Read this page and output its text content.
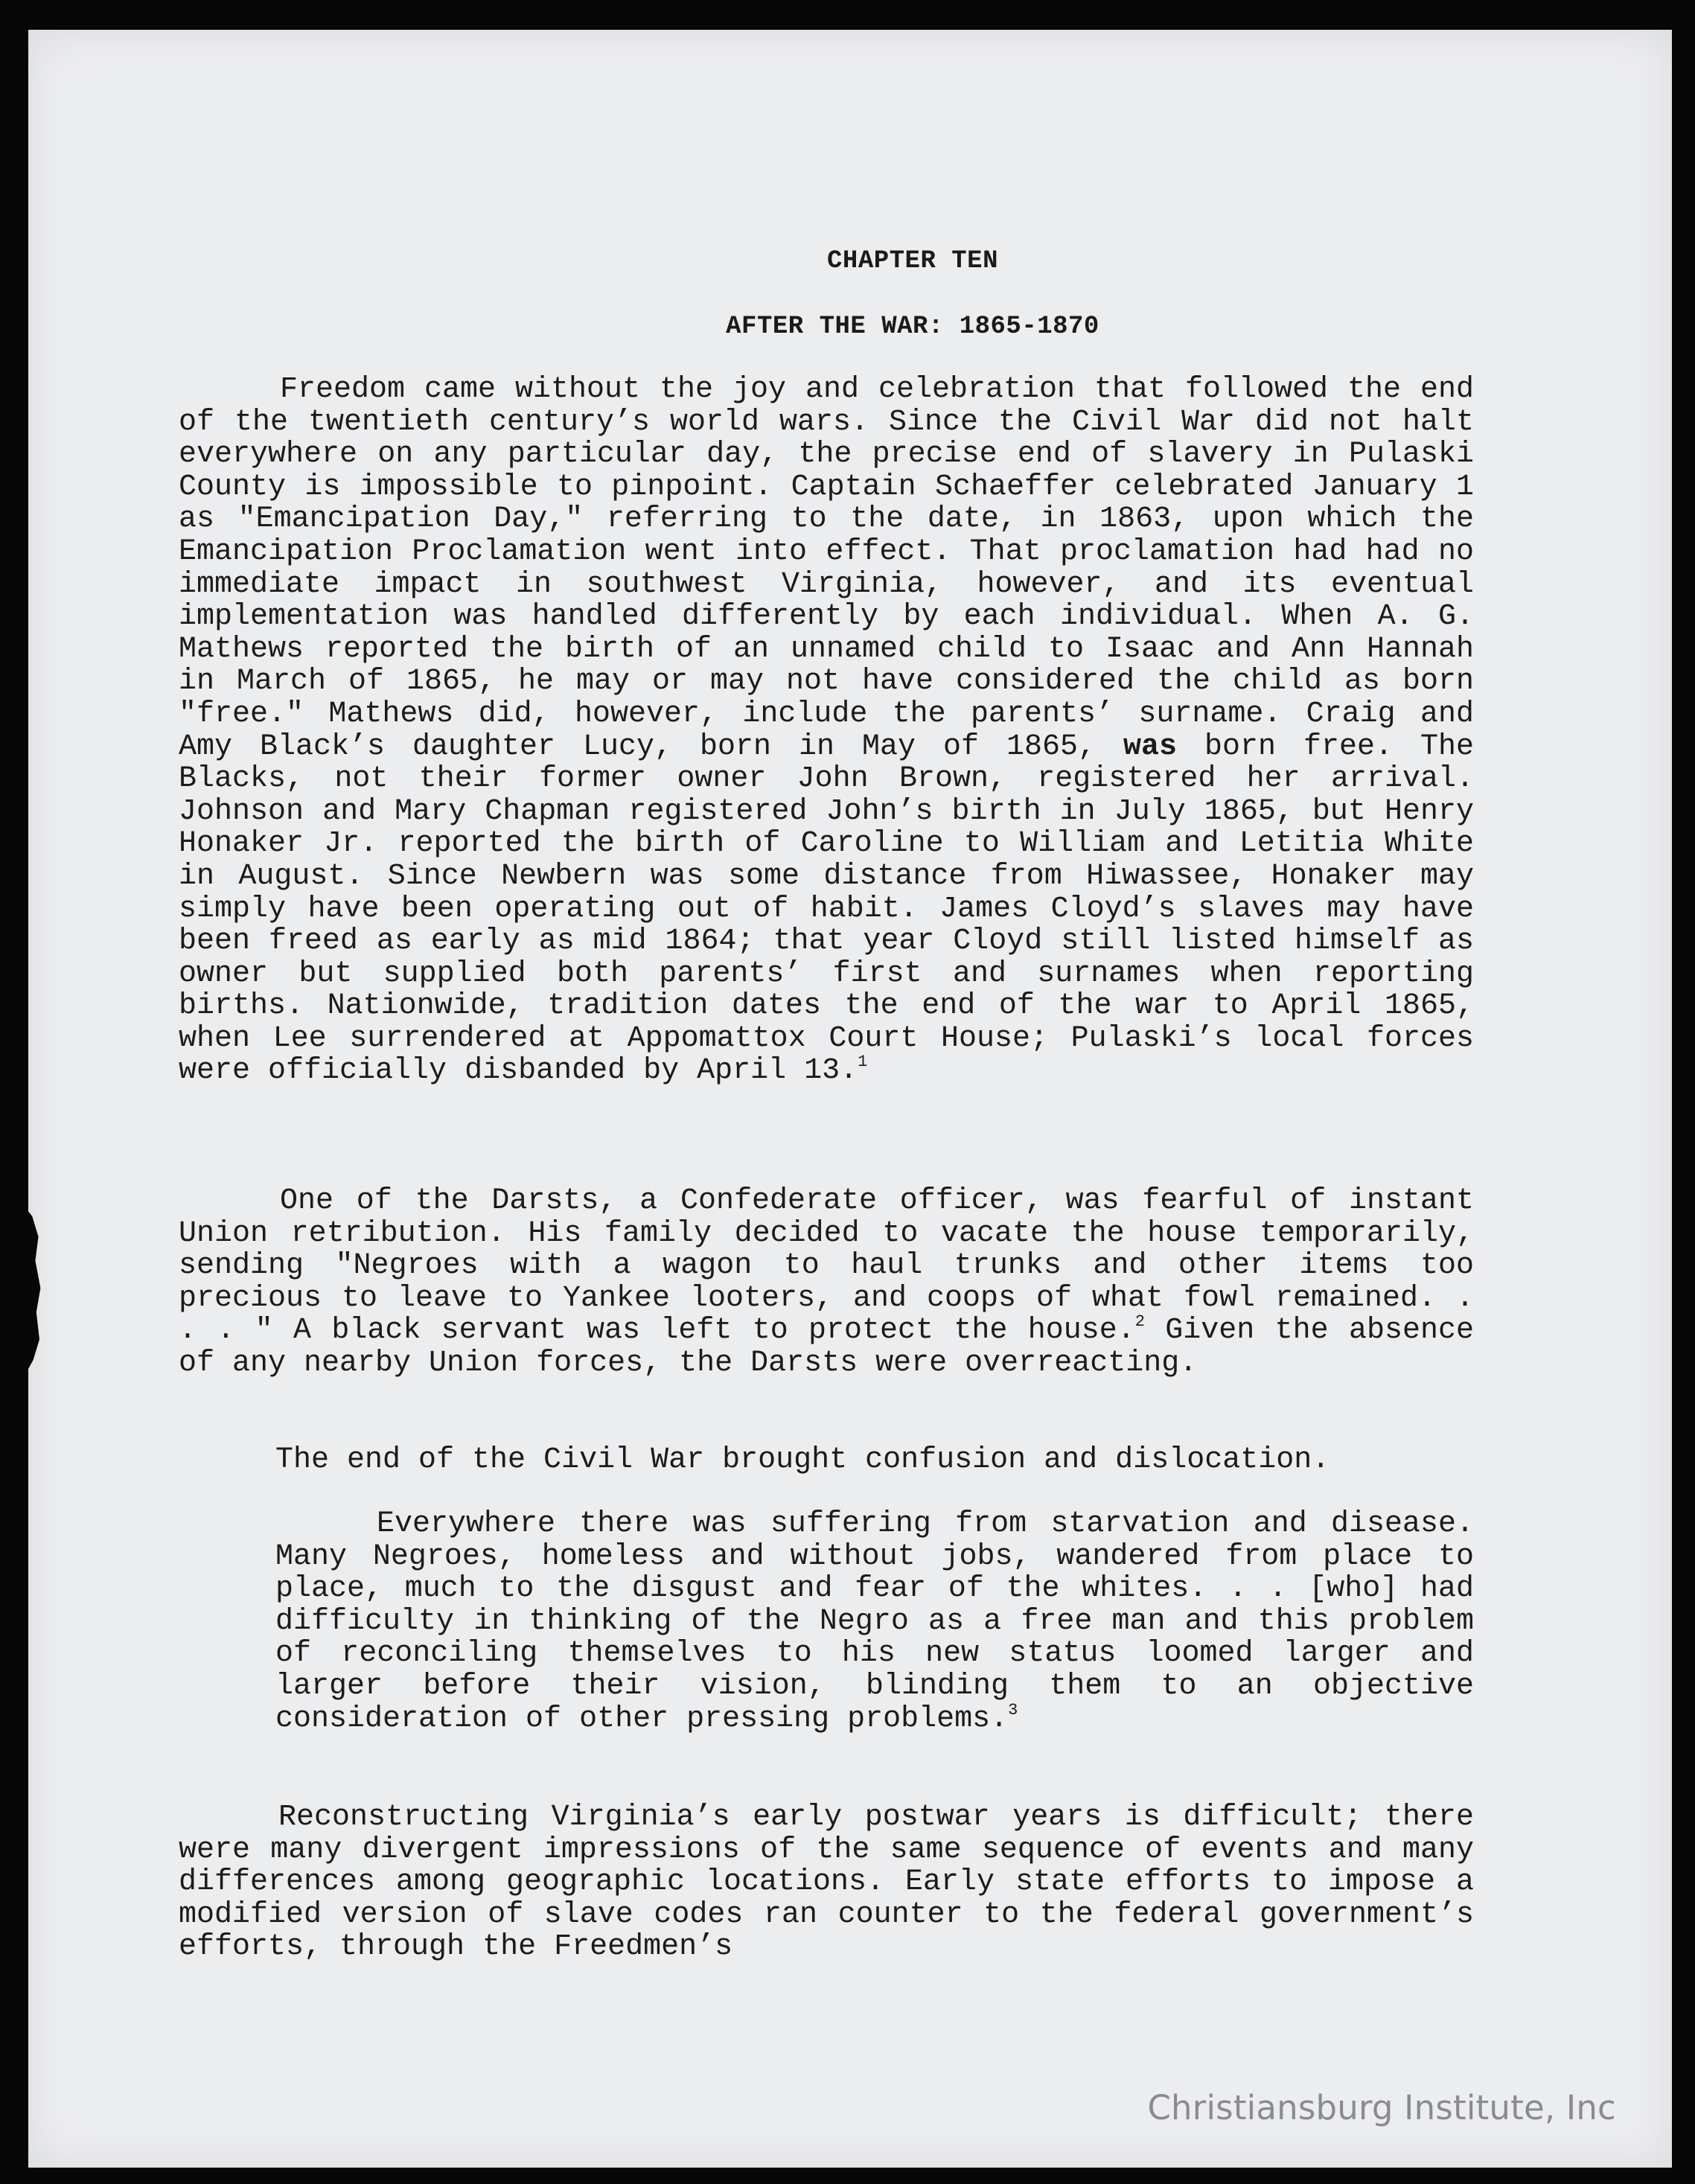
CHAPTER TEN
AFTER THE WAR: 1865-1870
Freedom came without the joy and celebration that followed the end of the twentieth century’s world wars. Since the Civil War did not halt everywhere on any particular day, the precise end of slavery in Pulaski County is impossible to pinpoint. Captain Schaeffer celebrated January 1 as "Emancipation Day," referring to the date, in 1863, upon which the Emancipation Proclamation went into effect. That proclamation had had no immediate impact in southwest Virginia, however, and its eventual implementation was handled differently by each individual. When A. G. Mathews reported the birth of an unnamed child to Isaac and Ann Hannah in March of 1865, he may or may not have considered the child as born "free." Mathews did, however, include the parents’ surname. Craig and Amy Black’s daughter Lucy, born in May of 1865, was born free. The Blacks, not their former owner John Brown, registered her arrival. Johnson and Mary Chapman registered John’s birth in July 1865, but Henry Honaker Jr. reported the birth of Caroline to William and Letitia White in August. Since Newbern was some distance from Hiwassee, Honaker may simply have been operating out of habit. James Cloyd’s slaves may have been freed as early as mid 1864; that year Cloyd still listed himself as owner but supplied both parents’ first and surnames when reporting births. Nationwide, tradition dates the end of the war to April 1865, when Lee surrendered at Appomattox Court House; Pulaski’s local forces were officially disbanded by April 13.$^1$
One of the Darsts, a Confederate officer, was fearful of instant Union retribution. His family decided to vacate the house temporarily, sending "Negroes with a wagon to haul trunks and other items too precious to leave to Yankee looters, and coops of what fowl remained. . . . " A black servant was left to protect the house.$^2$ Given the absence of any nearby Union forces, the Darsts were overreacting.
The end of the Civil War brought confusion and dislocation.
Everywhere there was suffering from starvation and disease. Many Negroes, homeless and without jobs, wandered from place to place, much to the disgust and fear of the whites. . . [who] had difficulty in thinking of the Negro as a free man and this problem of reconciling themselves to his new status loomed larger and larger before their vision, blinding them to an objective consideration of other pressing problems.$^3$
Reconstructing Virginia’s early postwar years is difficult; there were many divergent impressions of the same sequence of events and many differences among geographic locations. Early state efforts to impose a modified version of slave codes ran counter to the federal government’s efforts, through the Freedmen’s
Christiansburg Institute, Inc
